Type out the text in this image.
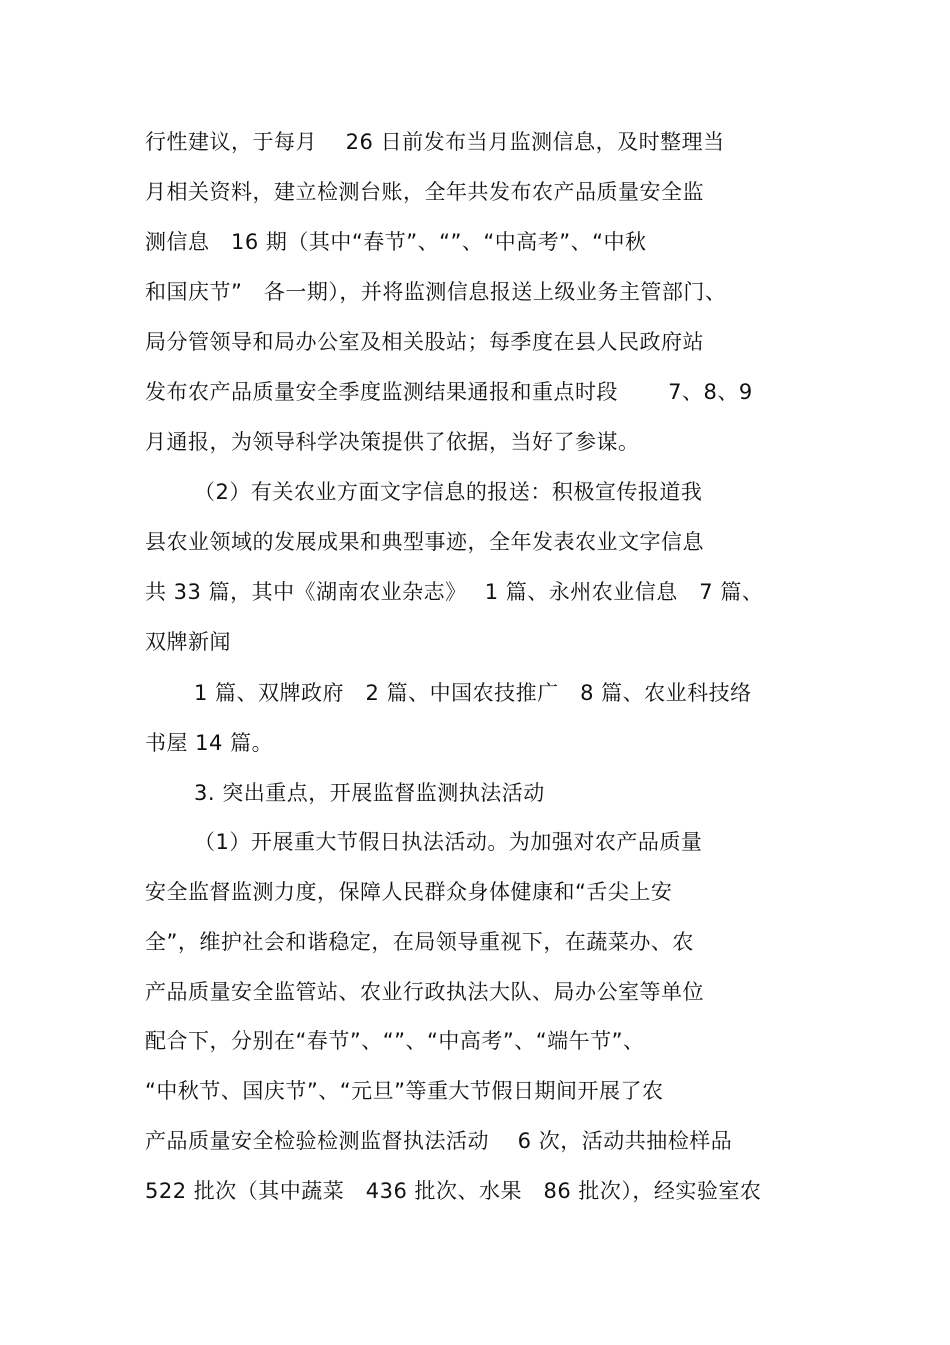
行性建议，于每月　 26 日前发布当月监测信息，及时整理当
月相关资料，建立检测台账，全年共发布农产品质量安全监
测信息　16 期（其中“春节”、“”、“中高考”、“中秋
和国庆节”　各一期），并将监测信息报送上级业务主管部门、
局分管领导和局办公室及相关股站；每季度在县人民政府站
发布农产品质量安全季度监测结果通报和重点时段　　 7、8、9
月通报，为领导科学决策提供了依据，当好了参谋。
（2）有关农业方面文字信息的报送：积极宣传报道我
县农业领域的发展成果和典型事迹，全年发表农业文字信息
共 33 篇，其中《湖南农业杂志》　 1 篇、永州农业信息　7 篇、
双牌新闻
1 篇、双牌政府　2 篇、中国农技推广　8 篇、农业科技络
书屋 14 篇。
3. 突出重点，开展监督监测执法活动
（1）开展重大节假日执法活动。为加强对农产品质量
安全监督监测力度，保障人民群众身体健康和“舌尖上安
全”，维护社会和谐稳定，在局领导重视下，在蔬菜办、农
产品质量安全监管站、农业行政执法大队、局办公室等单位
配合下，分别在“春节”、“”、“中高考”、“端午节”、
“中秋节、国庆节”、“元旦”等重大节假日期间开展了农
产品质量安全检验检测监督执法活动　 6 次，活动共抽检样品
522 批次（其中蔬菜　436 批次、水果　86 批次），经实验室农
